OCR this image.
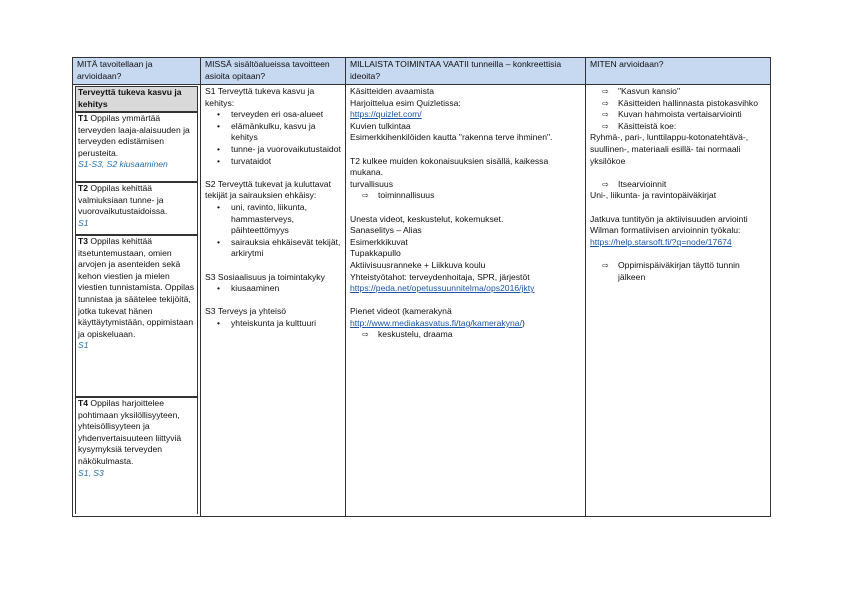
MITÄ tavoitellaan ja arvioidaan?
MISSÄ sisältöalueissa tavoitteen asioita opitaan?
MILLAISTA TOIMINTAA VAATII tunneilla – konkreettisia ideoita?
MITEN arvioidaan?
Terveyttä tukeva kasvu ja kehitys
T1 Oppilas ymmärtää terveyden laaja-alaisuuden ja terveyden edistämisen perusteita.
S1-S3, S2 kiusaaminen
T2 Oppilas kehittää valmiuksiaan tunne- ja vuorovaikutustaidoissa.
S1
T3 Oppilas kehittää itsetuntemustaan, omien arvojen ja asenteiden sekä kehon viestien ja mielen viestien tunnistamista. Oppilas tunnistaa ja säätelee tekijöitä, jotka tukevat hänen käyttäytymistään, oppimistaan ja opiskeluaan.
S1
T4 Oppilas harjoittelee pohtimaan yksilöllisyyteen, yhteisöllisyyteen ja yhdenvertaisuuteen liittyviä kysymyksiä terveyden näkökulmasta.
S1, S3

S1 Terveyttä tukeva kasvu ja kehitys:

• terveyden eri osa-alueet
• elämänkulku, kasvu ja kehitys
• tunne- ja vuorovaikutustaidot
• turvataidot

S2 Terveyttä tukevat ja kuluttavat tekijät ja sairauksien ehkäisy:

• uni, ravinto, liikunta, hammasterveys, päihteettömyys
• sairauksia ehkäisevät tekijät, arkirytmi

S3 Sosiaalisuus ja toimintakyky

• kiusaaminen

S3 Terveys ja yhteisö

• yhteiskunta ja kulttuuri

Käsitteiden avaamista

Harjoittelua esim Quizletissa:

https://quizlet.com/

Kuvien tulkintaa

Esimerkkihenkilöiden kautta "rakenna terve ihminen".

T2 kulkee muiden kokonaisuuksien sisällä, kaikessa mukana.

turvallisuus

⇨ toiminnallisuus

Unesta videot, keskustelut, kokemukset.

Sanaselitys – Alias

Esimerkkikuvat

Tupakkapullo

Aktiivisuusranneke + Liikkuva koulu

Yhteistyötahot: terveydenhoitaja, SPR, järjestöt

https://peda.net/opetussuunnitelma/ops2016/jkty

Pienet videot (kamerakynä

http://www.mediakasvatus.fi/tag/kamerakyna/)

⇨ keskustelu, draama
⇨ "Kasvun kansio"
⇨ Käsitteiden hallinnasta pistokasvihko
⇨ Kuvan hahmoista vertaisarviointi
⇨ Käsitteistä koe:

Ryhmä-, pari-, lunttilappu-kotonatehtävä-, suullinen-, materiaali esillä- tai normaali yksilökoe

⇨ Itsearvioinnit

Uni-, liikunta- ja ravintopäiväkirjat

Jatkuva tuntityön ja aktiivisuuden arviointi

Wilman formatiivisen arvioinnin työkalu:

https://help.starsoft.fi/?q=node/17674

⇨ Oppimispäiväkirjan täyttö tunnin jälkeen
